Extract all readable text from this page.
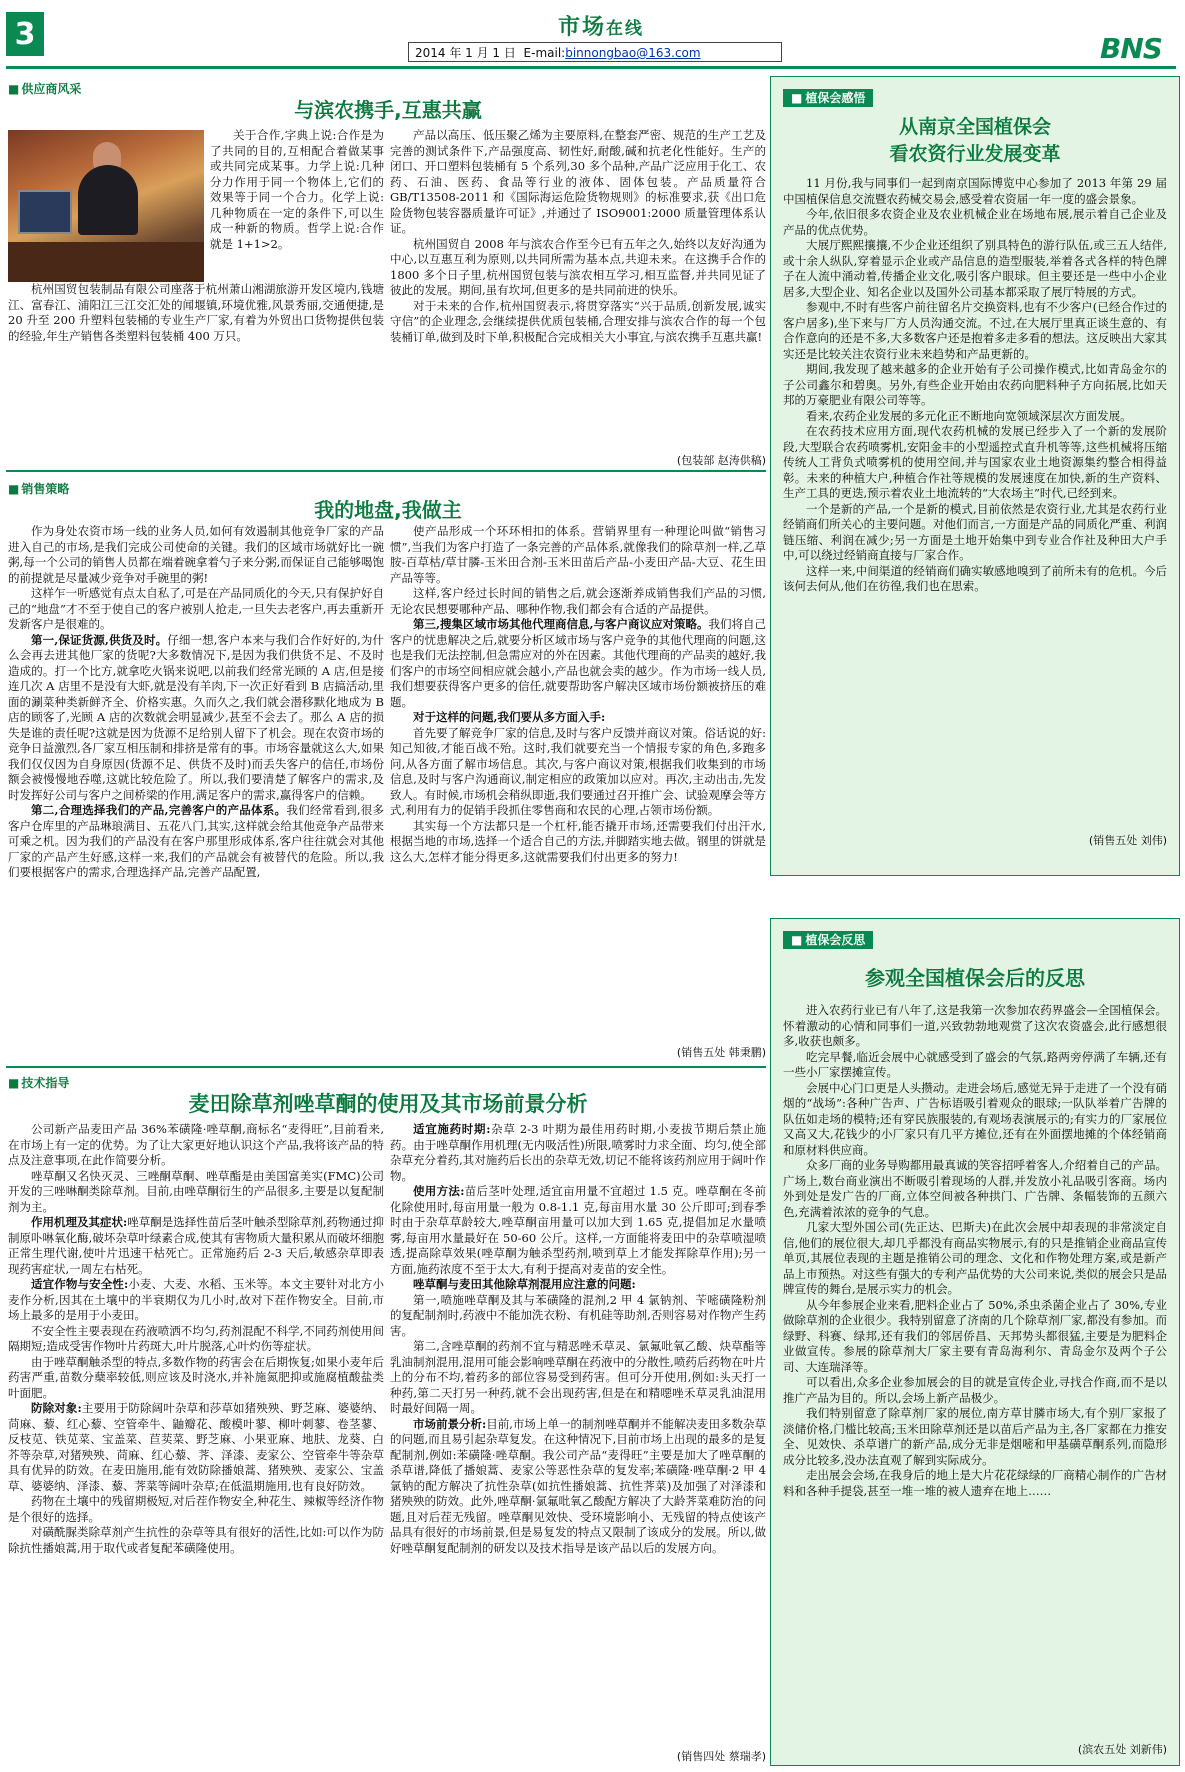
3	市场在线
2014 年 1 月 1 日 E-mail:binnongbao@163.com	BNS
■ 供应商风采
与滨农携手,互惠共赢

关于合作,字典上说:合作是为了共同的目的,互相配合着做某事或共同完成某事。力学上说:几种分力作用于同一个物体上,它们的效果等于同一个合力。化学上说:几种物质在一定的条件下,可以生成一种新的物质。哲学上说:合作就是 1+1>2。

杭州国贸包装制品有限公司座落于杭州萧山湘湖旅游开发区境内,钱塘江、富春江、浦阳江三江交汇处的闻堰镇,环境优雅,风景秀丽,交通便捷,是 20 升至 200 升塑料包装桶的专业生产厂家,有着为外贸出口货物提供包装的经验,年生产销售各类塑料包装桶 400 万只。

产品以高压、低压聚乙烯为主要原料,在整套严密、规范的生产工艺及完善的测试条件下,产品强度高、韧性好,耐酸,碱和抗老化性能好。生产的闭口、开口塑料包装桶有 5 个系列,30 多个品种,产品广泛应用于化工、农药、石油、医药、食品等行业的液体、固体包装。产品质量符合 GB/T13508-2011 和《国际海运危险货物规则》的标准要求,获《出口危险货物包装容器质量许可证》,并通过了 ISO9001:2000 质量管理体系认证。

杭州国贸自 2008 年与滨农合作至今已有五年之久,始终以友好沟通为中心,以互惠互利为原则,以共同所需为基本点,共迎未来。在这携手合作的 1800 多个日子里,杭州国贸包装与滨农相互学习,相互监督,并共同见证了彼此的发展。期间,虽有坎坷,但更多的是共同前进的快乐。

对于未来的合作,杭州国贸表示,将贯穿落实“兴于品质,创新发展,诚实守信”的企业理念,会继续提供优质包装桶,合理安排与滨农合作的每一个包装桶订单,做到及时下单,积极配合完成相关大小事宜,与滨农携手互惠共赢!

(包装部 赵涛供稿)
■ 销售策略
我的地盘,我做主

作为身处农资市场一线的业务人员,如何有效遏制其他竞争厂家的产品进入自己的市场,是我们完成公司使命的关键。我们的区域市场就好比一碗粥,每一个公司的销售人员都在端着碗拿着勺子来分粥,而保证自己能够喝饱的前提就是尽量减少竞争对手碗里的粥!

这样乍一听感觉有点太自私了,可是在产品同质化的今天,只有保护好自己的“地盘”才不至于使自己的客户被别人抢走,一旦失去老客户,再去重新开发新客户是很难的。

第一,保证货源,供货及时。仔细一想,客户本来与我们合作好好的,为什么会再去进其他厂家的货呢?大多数情况下,是因为我们供货不足、不及时造成的。打一个比方,就拿吃火锅来说吧,以前我们经常光顾的 A 店,但是接连几次 A 店里不是没有大虾,就是没有羊肉,下一次正好看到 B 店搞活动,里面的涮菜种类新鲜齐全、价格实惠。久而久之,我们就会潜移默化地成为 B 店的顾客了,光顾 A 店的次数就会明显减少,甚至不会去了。那么 A 店的损失是谁的责任呢?这就是因为货源不足给别人留下了机会。现在农资市场的竞争日益激烈,各厂家互相压制和排挤是常有的事。市场容量就这么大,如果我们仅仅因为自身原因(货源不足、供货不及时)而丢失客户的信任,市场份额会被慢慢地吞噬,这就比较危险了。所以,我们要清楚了解客户的需求,及时发挥好公司与客户之间桥梁的作用,满足客户的需求,赢得客户的信赖。

第二,合理选择我们的产品,完善客户的产品体系。我们经常看到,很多客户仓库里的产品琳琅满目、五花八门,其实,这样就会给其他竞争产品带来可乘之机。因为我们的产品没有在客户那里形成体系,客户往往就会对其他厂家的产品产生好感,这样一来,我们的产品就会有被替代的危险。所以,我们要根据客户的需求,合理选择产品,完善产品配置,

使产品形成一个环环相扣的体系。营销界里有一种理论叫做“销售习惯”,当我们为客户打造了一条完善的产品体系,就像我们的除草剂一样,乙草胺-百草枯/草甘膦-玉米田合剂-玉米田苗后产品-小麦田产品-大豆、花生田产品等等。

这样,客户经过长时间的销售之后,就会逐渐养成销售我们产品的习惯,无论农民想要哪种产品、哪种作物,我们都会有合适的产品提供。

第三,搜集区域市场其他代理商信息,与客户商议应对策略。我们将自己客户的忧患解决之后,就要分析区域市场与客户竞争的其他代理商的问题,这也是我们无法控制,但急需应对的外在因素。其他代理商的产品卖的越好,我们客户的市场空间相应就会越小,产品也就会卖的越少。作为市场一线人员,我们想要获得客户更多的信任,就要帮助客户解决区域市场份额被挤压的难题。

对于这样的问题,我们要从多方面入手:

首先要了解竞争厂家的信息,及时与客户反馈并商议对策。俗话说的好:知己知彼,才能百战不殆。这时,我们就要充当一个情报专家的角色,多跑多问,从各方面了解市场信息。其次,与客户商议对策,根据我们收集到的市场信息,及时与客户沟通商议,制定相应的政策加以应对。再次,主动出击,先发致人。有时候,市场机会稍纵即逝,我们要通过召开推广会、试验观摩会等方式,利用有力的促销手段抓住零售商和农民的心理,占领市场份额。

其实每一个方法都只是一个杠杆,能否撬开市场,还需要我们付出汗水,根据当地的市场,选择一个适合自己的方法,并脚踏实地去做。钢里的饼就是这么大,怎样才能分得更多,这就需要我们付出更多的努力!

(销售五处 韩秉鹏)
■ 技术指导
麦田除草剂唑草酮的使用及其市场前景分析

公司新产品麦田产品 36%苯磺隆·唑草酮,商标名“麦得旺”,目前看来,在市场上有一定的优势。为了让大家更好地认识这个产品,我将该产品的特点及注意事项,在此作简要分析。

唑草酮又名快灭灵、三唑酮草酮、唑草酯是由美国富美实(FMC)公司开发的三唑啉酮类除草剂。目前,由唑草酮衍生的产品很多,主要是以复配制剂为主。

作用机理及其症状:唑草酮是选择性苗后茎叶触杀型除草剂,药物通过抑制原卟啉氧化酶,破坏杂草叶绿素合成,使其有害物质大量积累从而破坏细胞正常生理代谢,使叶片迅速干枯死亡。正常施药后 2-3 天后,敏感杂草即表现药害症状,一周左右枯死。

适宜作物与安全性:小麦、大麦、水稻、玉米等。本文主要针对北方小麦作分析,因其在土壤中的半衰期仅为几小时,故对下茬作物安全。目前,市场上最多的是用于小麦田。

不安全性主要表现在药液喷洒不均匀,药剂混配不科学,不同药剂使用间隔期短;造成受害作物叶片药斑大,叶片脱落,心叶灼伤等症状。

由于唑草酮触杀型的特点,多数作物的药害会在后期恢复;如果小麦年后药害严重,苗数分蘖率较低,则应该及时浇水,并补施氮肥抑或施腐植酸盐类叶面肥。

防除对象:主要用于防除阔叶杂草和莎草如猪殃殃、野芝麻、婆婆纳、苘麻、藜、红心藜、空管牵牛、鼬瓣花、酸模叶蓼、柳叶刺蓼、卷茎蓼、反枝苋、铁苋菜、宝盖菜、苣荬菜、野芝麻、小果亚麻、地肤、龙葵、白芥等杂草,对猪殃殃、苘麻、红心藜、荠、泽漆、麦家公、空管牵牛等杂草具有优异的防效。在麦田施用,能有效防除播娘蒿、猪殃殃、麦家公、宝盖草、婆婆纳、泽漆、藜、荠菜等阔叶杂草;在低温期施用,也有良好防效。

药物在土壤中的残留期极短,对后茬作物安全,种花生、辣椒等经济作物是个很好的选择。

对磺酰脲类除草剂产生抗性的杂草等具有很好的活性,比如:可以作为防除抗性播娘蒿,用于取代或者复配苯磺隆使用。

适宜施药时期:杂草 2-3 叶期为最佳用药时期,小麦拔节期后禁止施药。由于唑草酮作用机理(无内吸活性)所限,喷雾时力求全面、均匀,使全部杂草充分着药,其对施药后长出的杂草无效,切记不能将该药剂应用于阔叶作物。

使用方法:苗后茎叶处理,适宜亩用量不宜超过 1.5 克。唑草酮在冬前化除使用时,每亩用量一般为 0.8-1.1 克,每亩用水量 30 公斤即可;到春季时由于杂草草龄较大,唑草酮亩用量可以加大到 1.65 克,提倡加足水量喷雾,每亩用水量最好在 50-60 公斤。这样,一方面能将麦田中的杂草喷湿喷透,提高除草效果(唑草酮为触杀型药剂,喷到草上才能发挥除草作用);另一方面,施药浓度不至于太大,有利于提高对麦苗的安全性。

唑草酮与麦田其他除草剂混用应注意的问题:

第一,喷施唑草酮及其与苯磺隆的混剂,2 甲 4 氯钠剂、苄嘧磺隆粉剂的复配制剂时,药液中不能加洗衣粉、有机硅等助剂,否则容易对作物产生药害。

第二,含唑草酮的药剂不宜与精恶唑禾草灵、氯氟吡氧乙酸、炔草酯等乳油制剂混用,混用可能会影响唑草酮在药液中的分散性,喷药后药物在叶片上的分布不均,着药多的部位容易受到药害。但可分开使用,例如:头天打一种药,第二天打另一种药,就不会出现药害,但是在和精噁唑禾草灵乳油混用时最好间隔一周。

市场前景分析:目前,市场上单一的制剂唑草酮并不能解决麦田多数杂草的问题,而且易引起杂草复发。在这种情况下,目前市场上出现的最多的是复配制剂,例如:苯磺隆·唑草酮。我公司产品“麦得旺”主要是加大了唑草酮的杀草谱,降低了播娘蒿、麦家公等恶性杂草的复发率;苯磺隆·唑草酮·2 甲 4 氯钠的配方解决了抗性杂草(如抗性播娘蒿、抗性荠菜)及加强了对泽漆和猪殃殃的防效。此外,唑草酮·氯氟吡氧乙酸配方解决了大龄荠菜难防治的问题,且对后茬无残留。唑草酮见效快、受环境影响小、无残留的特点使该产品具有很好的市场前景,但是易复发的特点又限制了该成分的发展。所以,做好唑草酮复配制剂的研发以及技术指导是该产品以后的发展方向。

(销售四处 蔡瑞孝)
■ 植保会感悟
从南京全国植保会
看农资行业发展变革

11 月份,我与同事们一起到南京国际博览中心参加了 2013 年第 29 届中国植保信息交流暨农药械交易会,感受着农资届一年一度的盛会景象。

今年,依旧很多农资企业及农业机械企业在场地布展,展示着自己企业及产品的优点优势。

大展厅熙熙攘攘,不少企业还组织了别具特色的游行队伍,或三五人结伴,或十余人纵队,穿着显示企业或产品信息的造型服装,举着各式各样的特色牌子在人流中涌动着,传播企业文化,吸引客户眼球。但主要还是一些中小企业居多,大型企业、知名企业以及国外公司基本都采取了展厅特展的方式。

参观中,不时有些客户前往留名片交换资料,也有不少客户(已经合作过的客户居多),坐下来与厂方人员沟通交流。不过,在大展厅里真正谈生意的、有合作意向的还是不多,大多数客户还是抱着多走多看的想法。这反映出大家其实还是比较关注农资行业未来趋势和产品更新的。

期间,我发现了越来越多的企业开始有子公司操作模式,比如青岛金尔的子公司鑫尔和碧奥。另外,有些企业开始由农药向肥料种子方向拓展,比如天邦的万豪肥业有限公司等等。

看来,农药企业发展的多元化正不断地向宽领域深层次方面发展。

在农药技术应用方面,现代农药机械的发展已经步入了一个新的发展阶段,大型联合农药喷雾机,安阳金丰的小型遥控式直升机等等,这些机械将压缩传统人工背负式喷雾机的使用空间,并与国家农业土地资源集约整合相得益彰。未来的种植大户,种植合作社等规模的发展速度在加快,新的生产资料、生产工具的更迭,预示着农业土地流转的“大农场主”时代,已经到来。

一个是新的产品,一个是新的模式,目前依然是农资行业,尤其是农药行业经销商们所关心的主要问题。对他们而言,一方面是产品的同质化严重、利润链压缩、利润在减少;另一方面是土地开始集中到专业合作社及种田大户手中,可以绕过经销商直接与厂家合作。

这样一来,中间渠道的经销商们确实敏感地嗅到了前所未有的危机。今后该何去何从,他们在彷徨,我们也在思索。

(销售五处 刘伟)
■ 植保会反思
参观全国植保会后的反思

进入农药行业已有八年了,这是我第一次参加农药界盛会—全国植保会。怀着激动的心情和同事们一道,兴致勃勃地观赏了这次农资盛会,此行感想很多,收获也颇多。

吃完早餐,临近会展中心就感受到了盛会的气氛,路两旁停满了车辆,还有一些小厂家摆摊宣传。

会展中心门口更是人头攒动。走进会场后,感觉无异于走进了一个没有硝烟的“战场”:各种广告声、广告标语吸引着观众的眼球;一队队举着广告牌的队伍如走场的模特;还有穿民族服装的,有观场表演展示的;有实力的厂家展位又高又大,花钱少的小厂家只有几平方摊位,还有在外面摆地摊的个体经销商和原材料供应商。

众多厂商的业务导购都用最真诚的笑容招呼着客人,介绍着自己的产品。广场上,数台商业演出不断吸引着现场的人群,并发放小礼品吸引客商。场内外到处是发广告的厂商,立体空间被各种拱门、广告牌、条幅装饰的五颜六色,充满着浓浓的竞争的气息。

几家大型外国公司(先正达、巴斯夫)在此次会展中却表现的非常淡定自信,他们的展位很大,却几乎都没有商品实物展示,有的只是推销企业商品宣传单页,其展位表现的主题是推销公司的理念、文化和作物处理方案,或是新产品上市预热。对这些有强大的专利产品优势的大公司来说,类似的展会只是品牌宣传的舞台,是展示实力的机会。

从今年参展企业来看,肥料企业占了 50%,杀虫杀菌企业占了 30%,专业做除草剂的企业很少。我特别留意了济南的几个除草剂厂家,都没有参加。而绿野、科赛、绿邦,还有我们的邻居侨昌、天邦势头都很猛,主要是为肥料企业做宣传。参展的除草剂大厂家主要有青岛海利尔、青岛金尔及两个子公司、大连瑞泽等。

可以看出,众多企业参加展会的目的就是宣传企业,寻找合作商,而不是以推广产品为目的。所以,会场上新产品极少。

我们特别留意了除草剂厂家的展位,南方草甘膦市场大,有个别厂家报了淡储价格,门槛比较高;玉米田除草剂还是以苗后产品为主,各厂家都在力推安全、见效快、杀草谱广的新产品,成分无非是烟嘧和甲基磺草酮系列,而隐形成分比较多,没办法直观了解到实际成分。

走出展会会场,在我身后的地上是大片花花绿绿的厂商精心制作的广告材料和各种手提袋,甚至一堆一堆的被人遗弃在地上……

(滨农五处 刘新伟)
